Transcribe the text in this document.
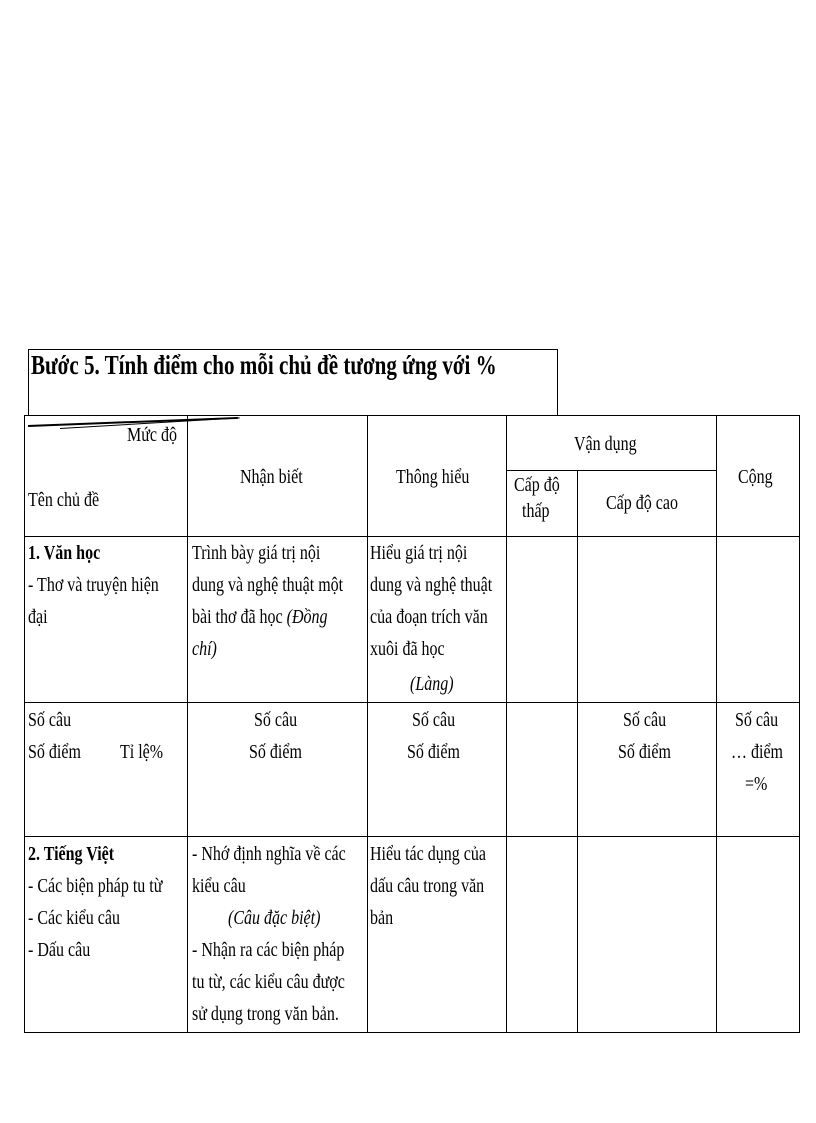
Bước 5. Tính điểm cho mỗi chủ đề tương ứng với %
Mức độ
Tên chủ đề
Nhận biết	Thông hiểu
Vận dụng
Cấp độ
thấp	Cấp độ cao
Cộng
1. Văn học
- Thơ và truyện hiện
đại
Trình bày giá trị nội
dung và nghệ thuật một
bài thơ đã học (Đồng
chí)
Hiểu giá trị nội
dung và nghệ thuật
của đoạn trích văn
xuôi đã học
(Làng)
Số câu
Số điểm Tỉ lệ%
Số câu
Số điểm
Số câu
Số điểm
Số câu
Số điểm
Số câu
… điểm
=%
2. Tiếng Việt
- Các biện pháp tu từ
- Các kiểu câu
- Dấu câu
- Nhớ định nghĩa về các
kiểu câu
(Câu đặc biệt)
- Nhận ra các biện pháp
tu từ, các kiểu câu được
sử dụng trong văn bản.
Hiểu tác dụng của
dấu câu trong văn
bản
